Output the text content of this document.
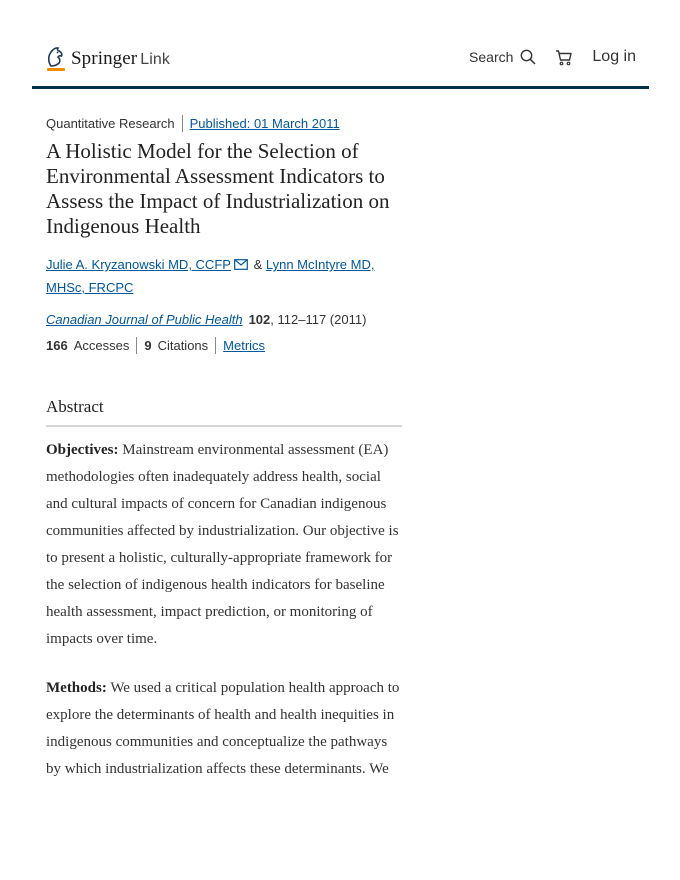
Springer Link	Search	Log in
Quantitative Research Published: 01 March 2011
A Holistic Model for the Selection of Environmental Assessment Indicators to Assess the Impact of Industrialization on Indigenous Health
Julie A. Kryzanowski MD, CCFP & Lynn McIntyre MD, MHSc, FRCPC
Canadian Journal of Public Health 102, 112–117 (2011)
166 Accesses 9 Citations Metrics
Abstract

Objectives: Mainstream environmental assessment (EA) methodologies often inadequately address health, social and cultural impacts of concern for Canadian indigenous communities affected by industrialization. Our objective is to present a holistic, culturally-appropriate framework for the selection of indigenous health indicators for baseline health assessment, impact prediction, or monitoring of impacts over time.

Methods: We used a critical population health approach to explore the determinants of health and health inequities in indigenous communities and conceptualize the pathways by which industrialization affects these determinants. We
